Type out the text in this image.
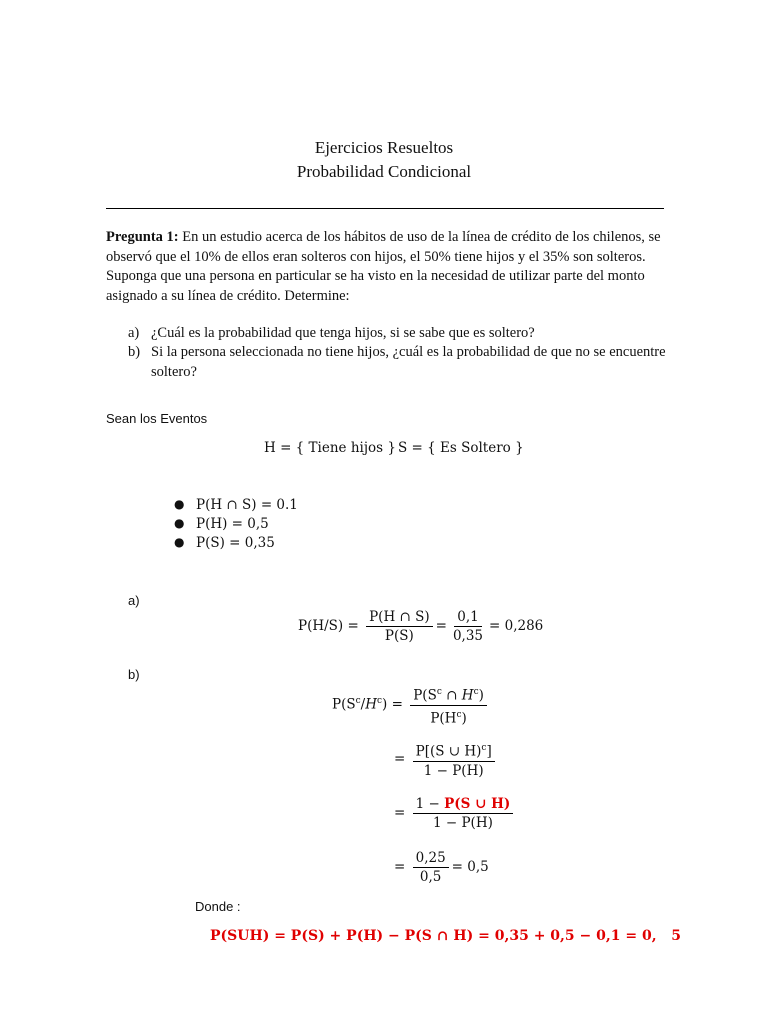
Ejercicios Resueltos
Probabilidad Condicional
Pregunta 1: En un estudio acerca de los hábitos de uso de la línea de crédito de los chilenos, se
observó que el 10% de ellos eran solteros con hijos, el 50% tiene hijos y el 35% son solteros.
Suponga que una persona en particular se ha visto en la necesidad de utilizar parte del monto
asignado a su línea de crédito. Determine:
a) ¿Cuál es la probabilidad que tenga hijos, si se sabe que es soltero?
b) Si la persona seleccionada no tiene hijos, ¿cuál es la probabilidad de que no se encuentre
soltero?
Sean los Eventos
H = { Tiene hijos } S = { Es Soltero }
● P(H ∩ S) = 0.1
● P(H) = 0,5
● P(S) = 0,35
a)
$P(H/S) = \frac{P(H \cap S)}{P(S)} = \frac{0,1}{0,35} = 0,286$
b)
$P(S^c/H^c) = \frac{P(S^c \cap H^c)}{P(H^c)}$
= $\frac{P[(S \cup H)^c]}{1 - P(H)}$
= $\frac{1 - P(S \cup H)}{1 - P(H)}$
= $\frac{0,25}{0,5} = 0,5$
Donde :
P(SUH) = P(S) + P(H) − P(S ∩ H) = 0,35 + 0,5 − 0,1 = 0,   5
